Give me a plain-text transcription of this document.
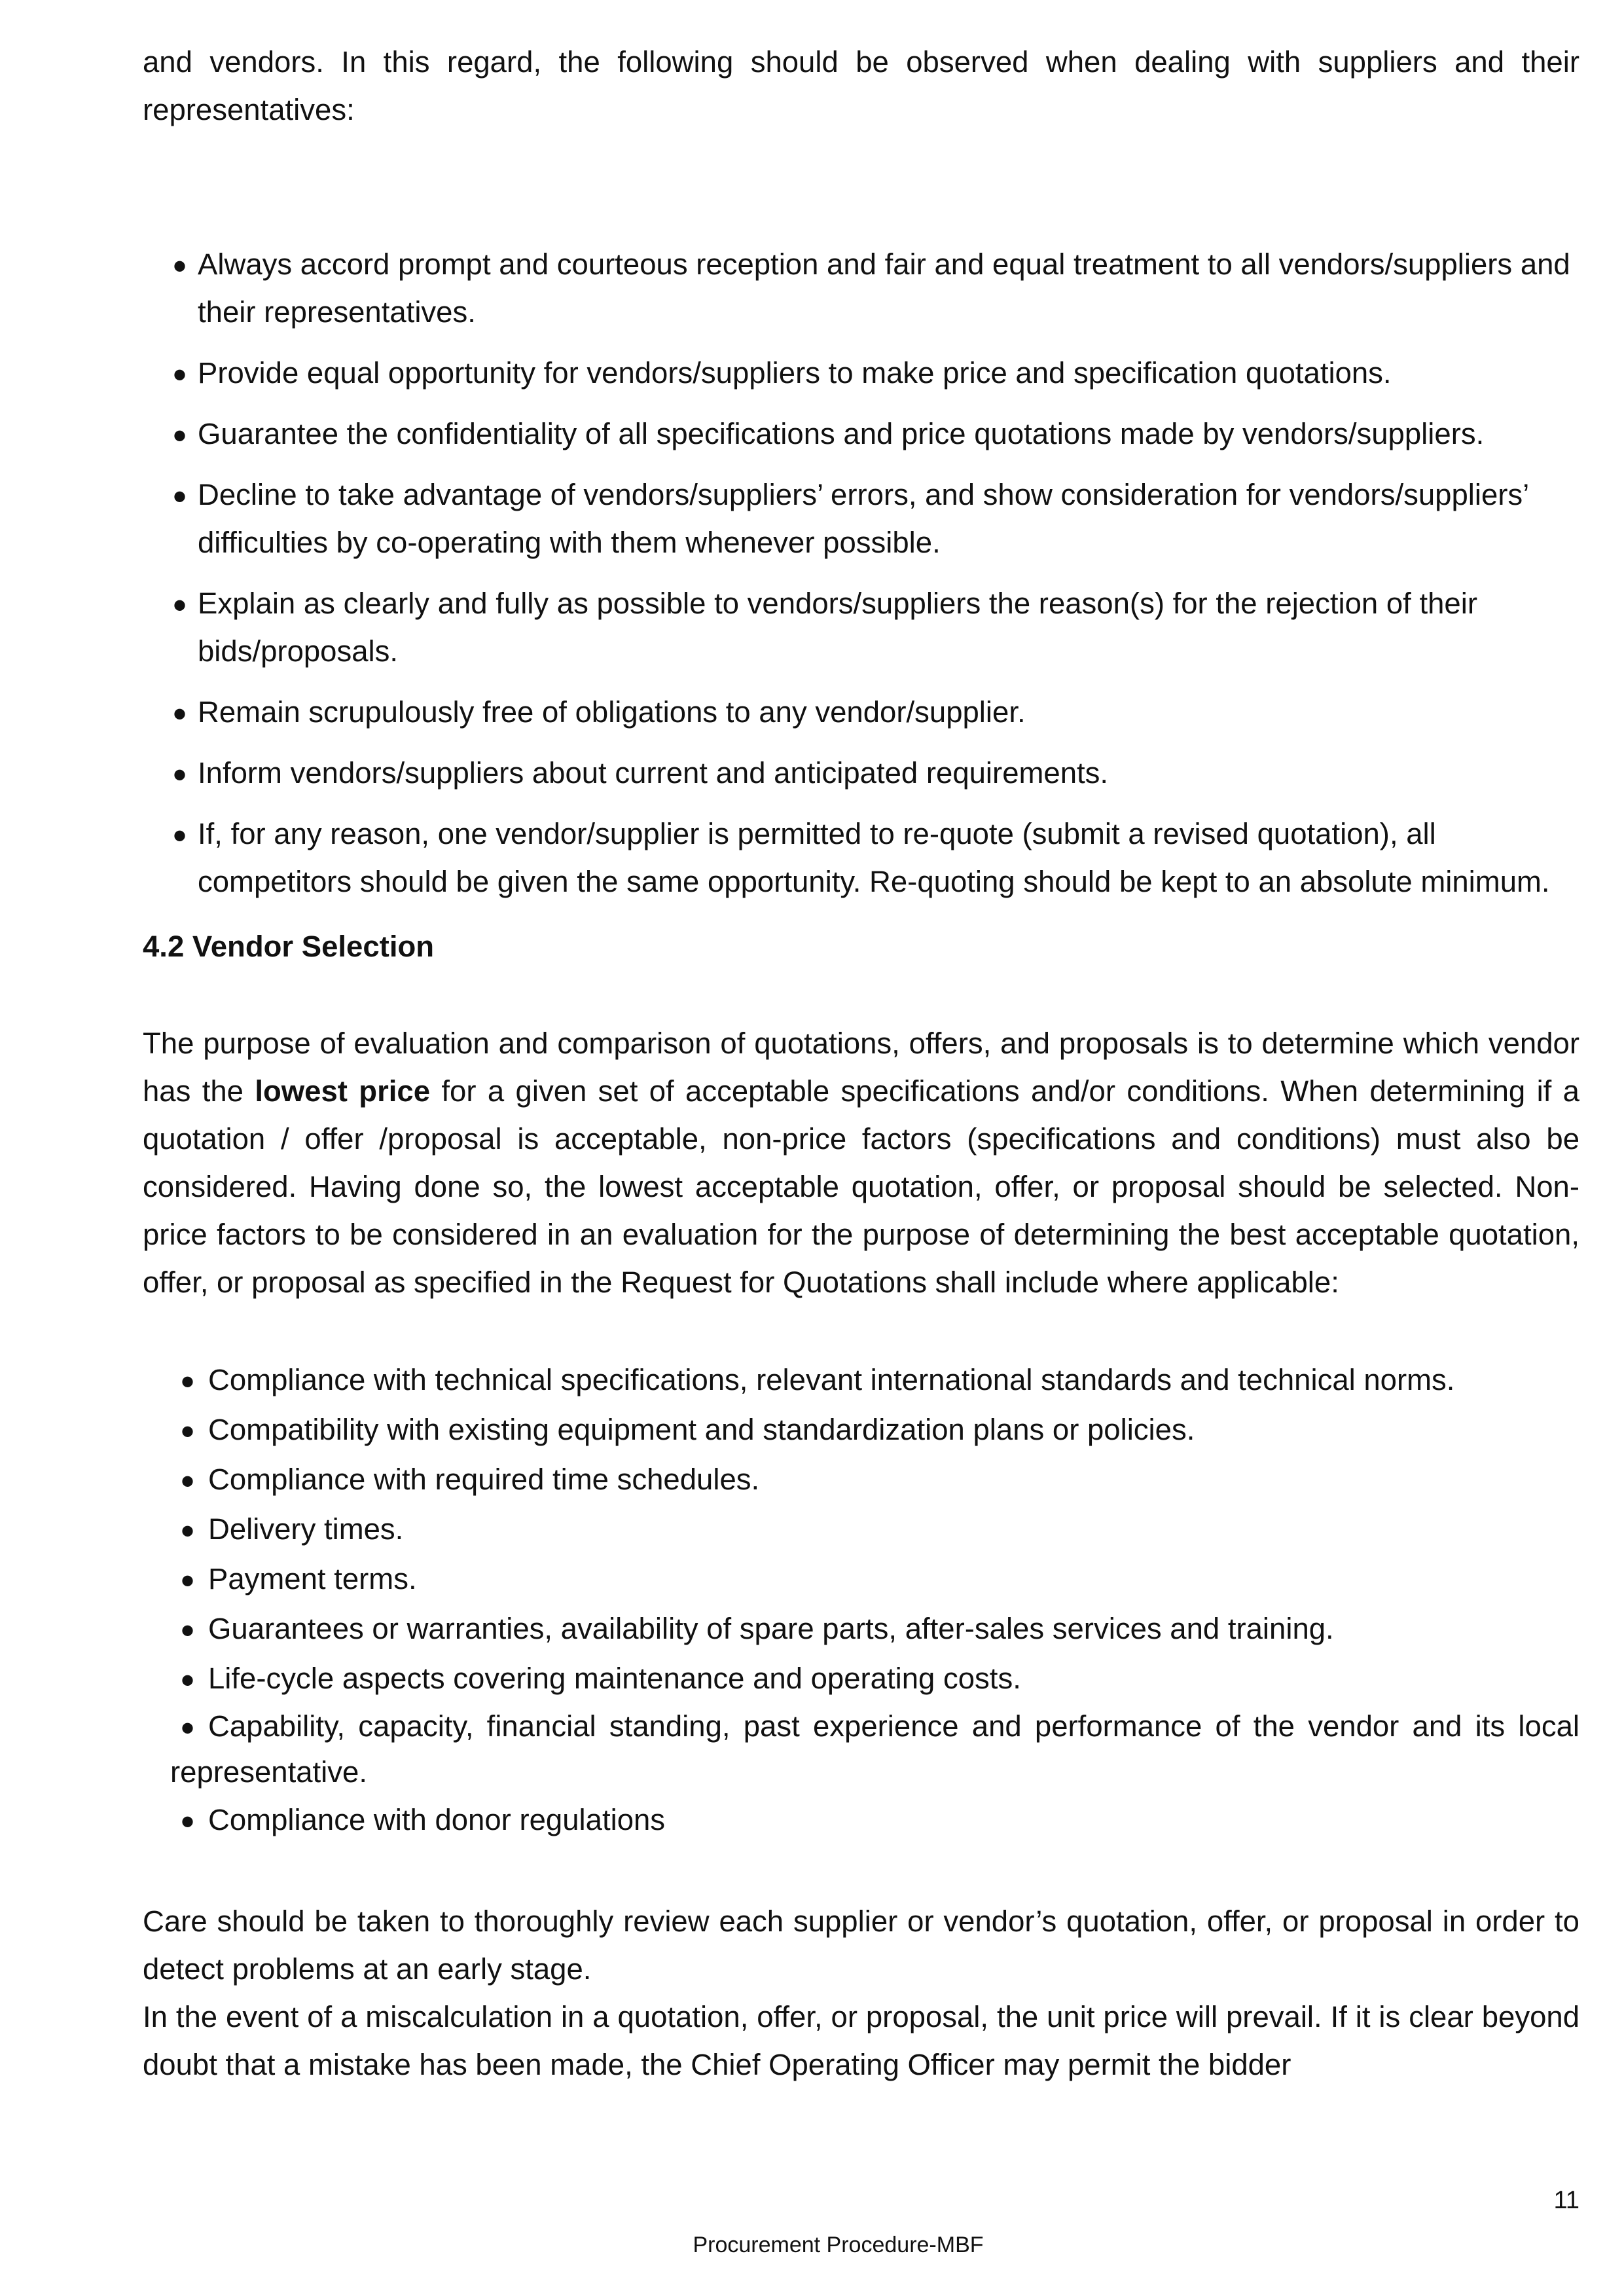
and vendors. In this regard, the following should be observed when dealing with suppliers and their representatives:

•Always accord prompt and courteous reception and fair and equal treatment to all vendors/suppliers and their representatives.
•Provide equal opportunity for vendors/suppliers to make price and specification quotations.
•Guarantee the confidentiality of all specifications and price quotations made by vendors/suppliers.
•Decline to take advantage of vendors/suppliers’ errors, and show consideration for vendors/suppliers’ difficulties by co-operating with them whenever possible.
•Explain as clearly and fully as possible to vendors/suppliers the reason(s) for the rejection of their bids/proposals.
•Remain scrupulously free of obligations to any vendor/supplier.
•Inform vendors/suppliers about current and anticipated requirements.
•If, for any reason, one vendor/supplier is permitted to re-quote (submit a revised quotation), all competitors should be given the same opportunity. Re-quoting should be kept to an absolute minimum.
4.2 Vendor Selection

The purpose of evaluation and comparison of quotations, offers, and proposals is to determine which vendor has the lowest price for a given set of acceptable specifications and/or conditions. When determining if a quotation / offer /proposal is acceptable, non-price factors (specifications and conditions) must also be considered. Having done so, the lowest acceptable quotation, offer, or proposal should be selected. Non-price factors to be considered in an evaluation for the purpose of determining the best acceptable quotation, offer, or proposal as specified in the Request for Quotations shall include where applicable:

•Compliance with technical specifications, relevant international standards and technical norms.
•Compatibility with existing equipment and standardization plans or policies.
•Compliance with required time schedules.
•Delivery times.
•Payment terms.
•Guarantees or warranties, availability of spare parts, after-sales services and training.
•Life-cycle aspects covering maintenance and operating costs.
•Capability, capacity, financial standing, past experience and performance of the vendor and its local representative.
•Compliance with donor regulations

Care should be taken to thoroughly review each supplier or vendor’s quotation, offer, or proposal in order to detect problems at an early stage.

In the event of a miscalculation in a quotation, offer, or proposal, the unit price will prevail. If it is clear beyond doubt that a mistake has been made, the Chief Operating Officer may permit the bidder

11
Procurement Procedure-MBF
